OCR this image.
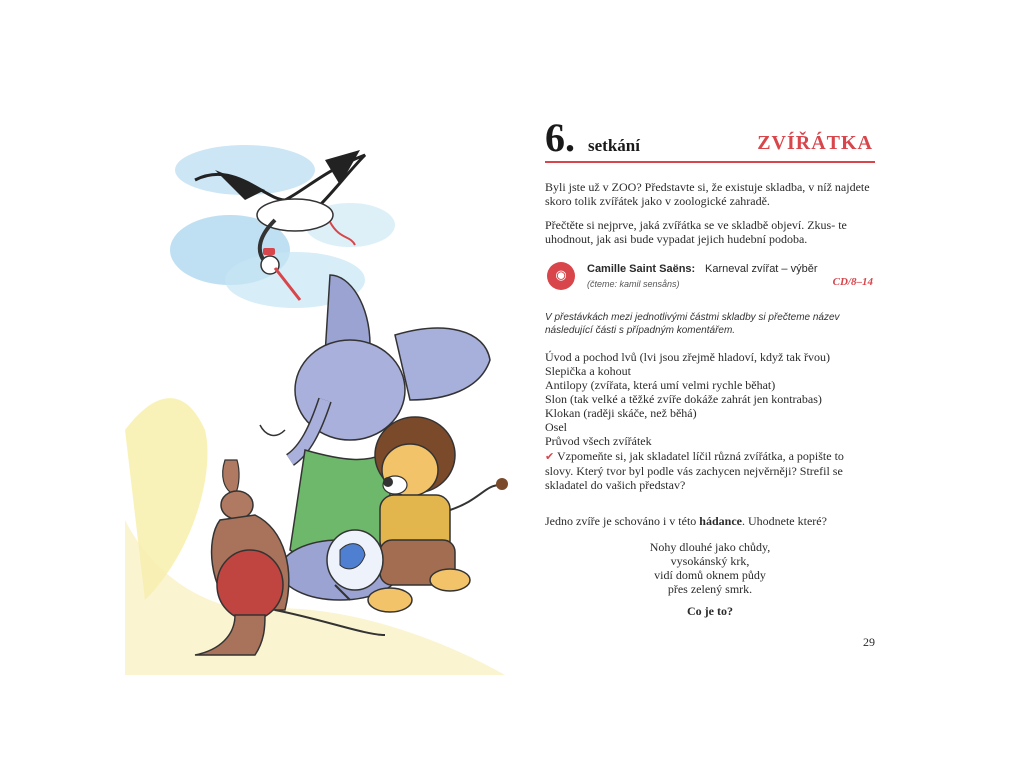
6. setkání	ZVÍŘÁTKA

Byli jste už v ZOO? Představte si, že existuje skladba, v níž najdete skoro tolik zvířátek jako v zoologické zahradě.

Přečtěte si nejprve, jaká zvířátka se ve skladbě objeví. Zkus- te uhodnout, jak asi bude vypadat jejich hudební podoba.

◉	Camille Saint Saëns: Karneval zvířat – výběr
(čteme: kamil sensåns)	CD/8–14
V přestávkách mezi jednotlivými částmi skladby si přečteme název následující části s případným komentářem.
Úvod a pochod lvů (lvi jsou zřejmě hladoví, když tak řvou)
Slepička a kohout
Antilopy (zvířata, která umí velmi rychle běhat)
Slon (tak velké a těžké zvíře dokáže zahrát jen kontrabas)
Klokan (raději skáče, než běhá)
Osel
Průvod všech zvířátek

✔ Vzpomeňte si, jak skladatel líčil různá zvířátka, a popište to slovy. Který tvor byl podle vás zachycen nejvěrněji? Strefil se skladatel do vašich představ?

Jedno zvíře je schováno i v této hádance. Uhodnete které?

Nohy dlouhé jako chůdy,
vysokánský krk,
vidí domů oknem půdy
přes zelený smrk.
Co je to?
29
